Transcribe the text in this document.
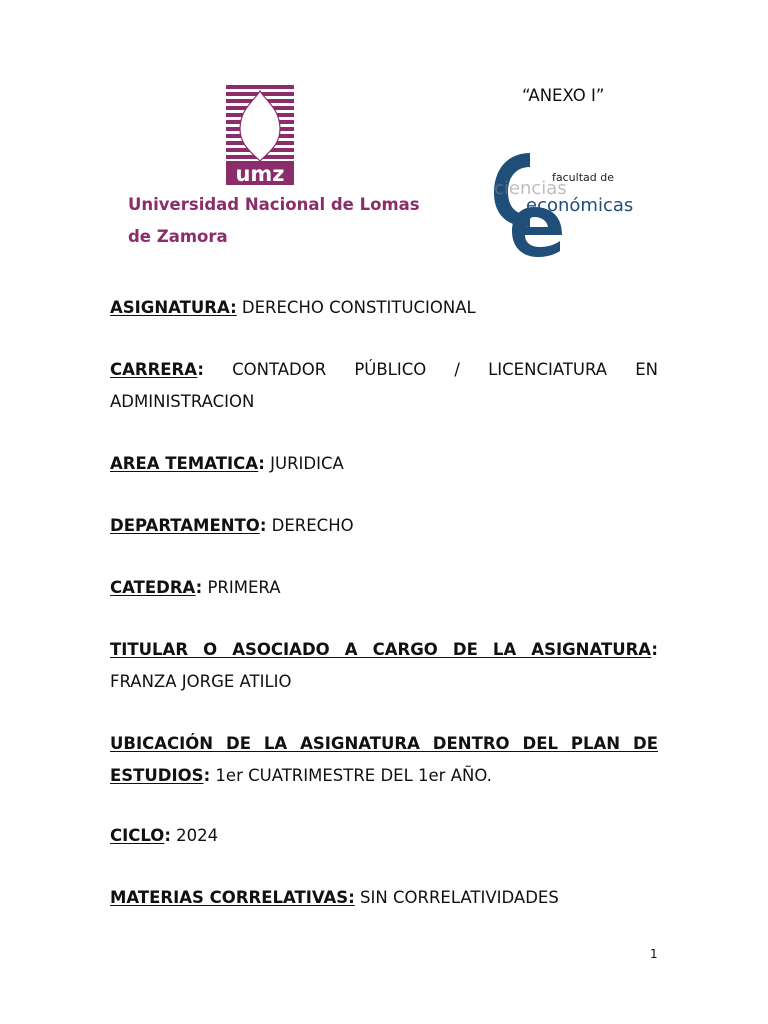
umz
Universidad Nacional de Lomas
de Zamora
“ANEXO I”
facultad de
ciencias
económicas
ASIGNATURA: DERECHO CONSTITUCIONAL
CARRERA: CONTADOR PÚBLICO / LICENCIATURA EN ADMINISTRACION
AREA TEMATICA: JURIDICA
DEPARTAMENTO: DERECHO
CATEDRA: PRIMERA
TITULAR O ASOCIADO A CARGO DE LA ASIGNATURA: FRANZA JORGE ATILIO
UBICACIÓN DE LA ASIGNATURA DENTRO DEL PLAN DE ESTUDIOS: 1er CUATRIMESTRE DEL 1er AÑO.
CICLO: 2024
MATERIAS CORRELATIVAS: SIN CORRELATIVIDADES
1
